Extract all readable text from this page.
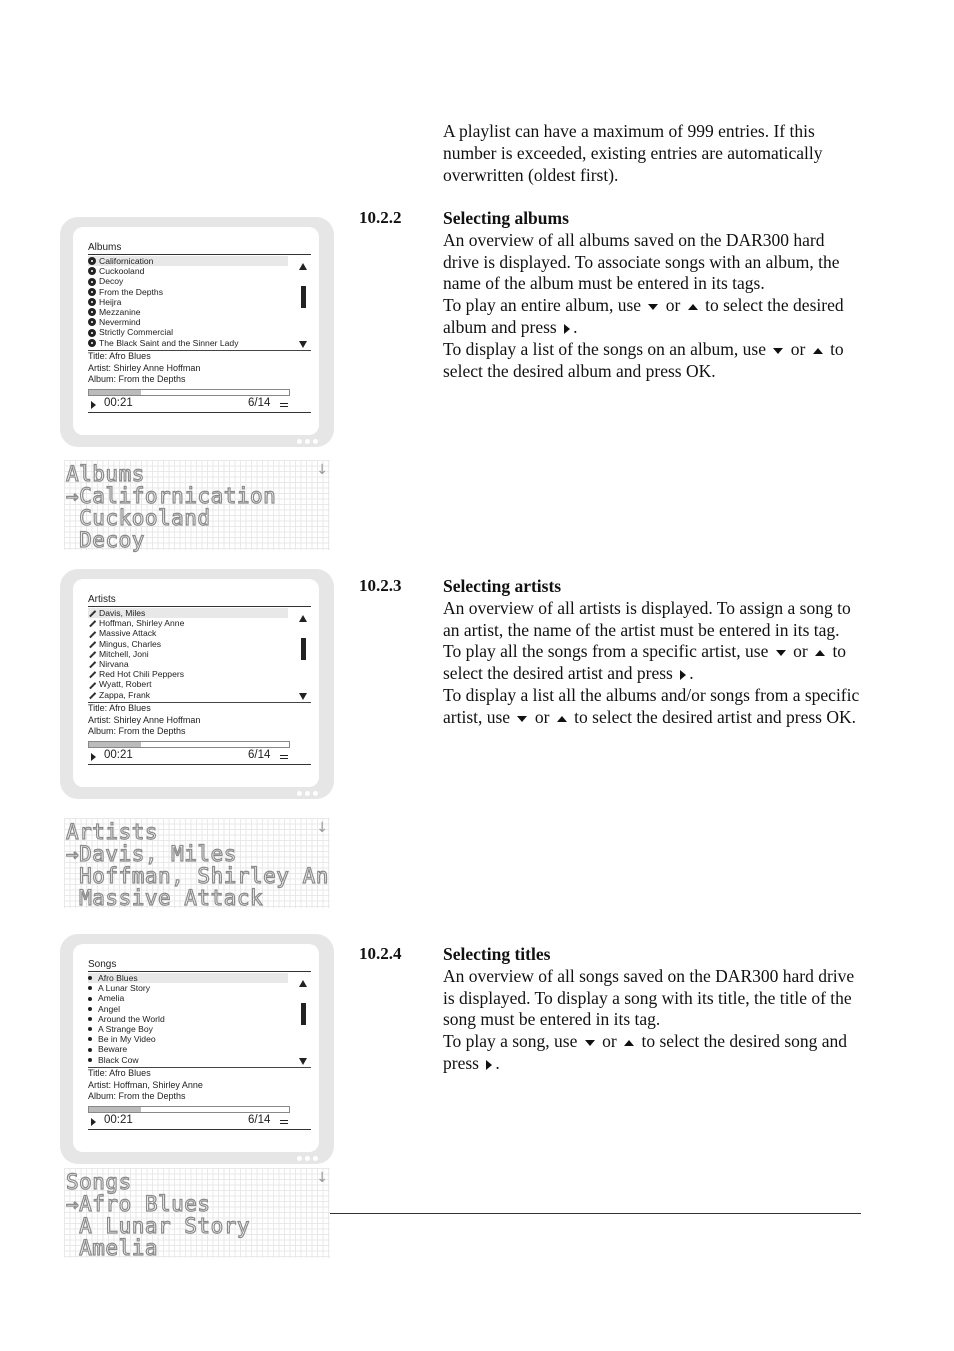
A playlist can have a maximum of 999 entries. If this number is exceeded, existing entries are automatically overwritten (oldest first).
10.2.2 Selecting albums
An overview of all albums saved on the DAR300 hard drive is displayed. To associate songs with an album, the name of the album must be entered in its tags.
To play an entire album, use or to select the desired album and press .
To display a list of the songs on an album, use or to select the desired album and press OK.
10.2.3 Selecting artists
An overview of all artists is displayed. To assign a song to an artist, the name of the artist must be entered in its tag.
To play all the songs from a specific artist, use or to select the desired artist and press .
To display a list all the albums and/or songs from a specific artist, use or to select the desired artist and press OK.
10.2.4 Selecting titles
An overview of all songs saved on the DAR300 hard drive is displayed. To display a song with its title, the title of the song must be entered in its tag.
To play a song, use or to select the desired song and press .
Albums
Californication
Cuckooland
Decoy
From the Depths
Heijra
Mezzanine
Nevermind
Strictly Commercial
The Black Saint and the Sinner Lady
Title: Afro Blues
Artist: Shirley Anne Hoffman
Album: From the Depths
00:21	6/14
Artists
Davis, Miles
Hoffman, Shirley Anne
Massive Attack
Mingus, Charles
Mitchell, Joni
Nirvana
Red Hot Chili Peppers
Wyatt, Robert
Zappa, Frank
Title: Afro Blues
Artist: Shirley Anne Hoffman
Album: From the Depths
00:21	6/14
Songs
Afro Blues
A Lunar Story
Amelia
Angel
Around the World
A Strange Boy
Be in My Video
Beware
Black Cow
Title: Afro Blues
Artist: Hoffman, Shirley Anne
Album: From the Depths
00:21	6/14
Albums
→Californication
Cuckooland
Decoy
↓
Artists
→Davis, Miles
Hoffman, Shirley An
Massive Attack
↓
Songs
→Afro Blues
A Lunar Story
Amelia
↓
